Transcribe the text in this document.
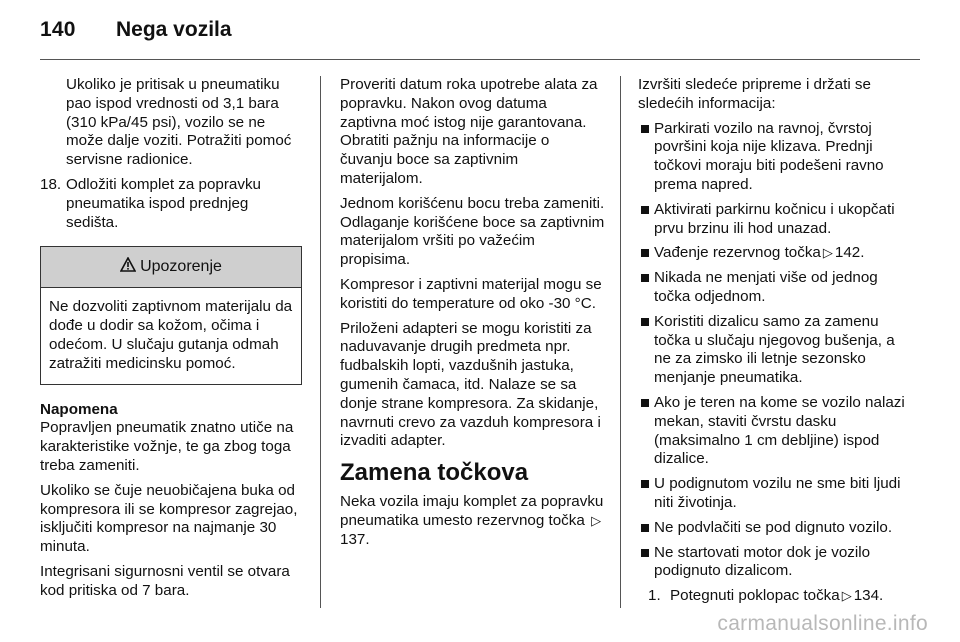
140 Nega vozila

Ukoliko je pritisak u pneumatiku pao ispod vrednosti od 3,1 bara (310 kPa/45 psi), vozilo se ne može dalje voziti. Potražiti pomoć servisne radionice.

18. Odložiti komplet za popravku pneumatika ispod prednjeg sedišta.
Upozorenje
Ne dozvoliti zaptivnom materijalu da dođe u dodir sa kožom, očima i odećom. U slučaju gutanja odmah zatražiti medicinsku pomoć.

Napomena

Popravljen pneumatik znatno utiče na karakteristike vožnje, te ga zbog toga treba zameniti.

Ukoliko se čuje neuobičajena buka od kompresora ili se kompresor zagrejao, isključiti kompresor na najmanje 30 minuta.

Integrisani sigurnosni ventil se otvara kod pritiska od 7 bara.

Proveriti datum roka upotrebe alata za popravku. Nakon ovog datuma zaptivna moć istog nije garantovana. Obratiti pažnju na informacije o čuvanju boce sa zaptivnim materijalom.

Jednom korišćenu bocu treba zameniti. Odlaganje korišćene boce sa zaptivnim materijalom vršiti po važećim propisima.

Kompresor i zaptivni materijal mogu se koristiti do temperature od oko -30 °C.

Priloženi adapteri se mogu koristiti za naduvavanje drugih predmeta npr. fudbalskih lopti, vazdušnih jastuka, gumenih čamaca, itd. Nalaze se sa donje strane kompresora. Za skidanje, navrnuti crevo za vazduh kompresora i izvaditi adapter.

Zamena točkova

Neka vozila imaju komplet za popravku pneumatika umesto rezervnog točka ▷ 137.

Izvršiti sledeće pripreme i držati se sledećih informacija:

Parkirati vozilo na ravnoj, čvrstoj površini koja nije klizava. Prednji točkovi moraju biti podešeni ravno prema napred.
Aktivirati parkirnu kočnicu i ukopčati prvu brzinu ili hod unazad.
Vađenje rezervnog točka ▷ 142.
Nikada ne menjati više od jednog točka odjednom.
Koristiti dizalicu samo za zamenu točka u slučaju njegovog bušenja, a ne za zimsko ili letnje sezonsko menjanje pneumatika.
Ako je teren na kome se vozilo nalazi mekan, staviti čvrstu dasku (maksimalno 1 cm debljine) ispod dizalice.
U podignutom vozilu ne sme biti ljudi niti životinja.
Ne podvlačiti se pod dignuto vozilo.
Ne startovati motor dok je vozilo podignuto dizalicom.
1. Potegnuti poklopac točka ▷ 134.
carmanualsonline.info
